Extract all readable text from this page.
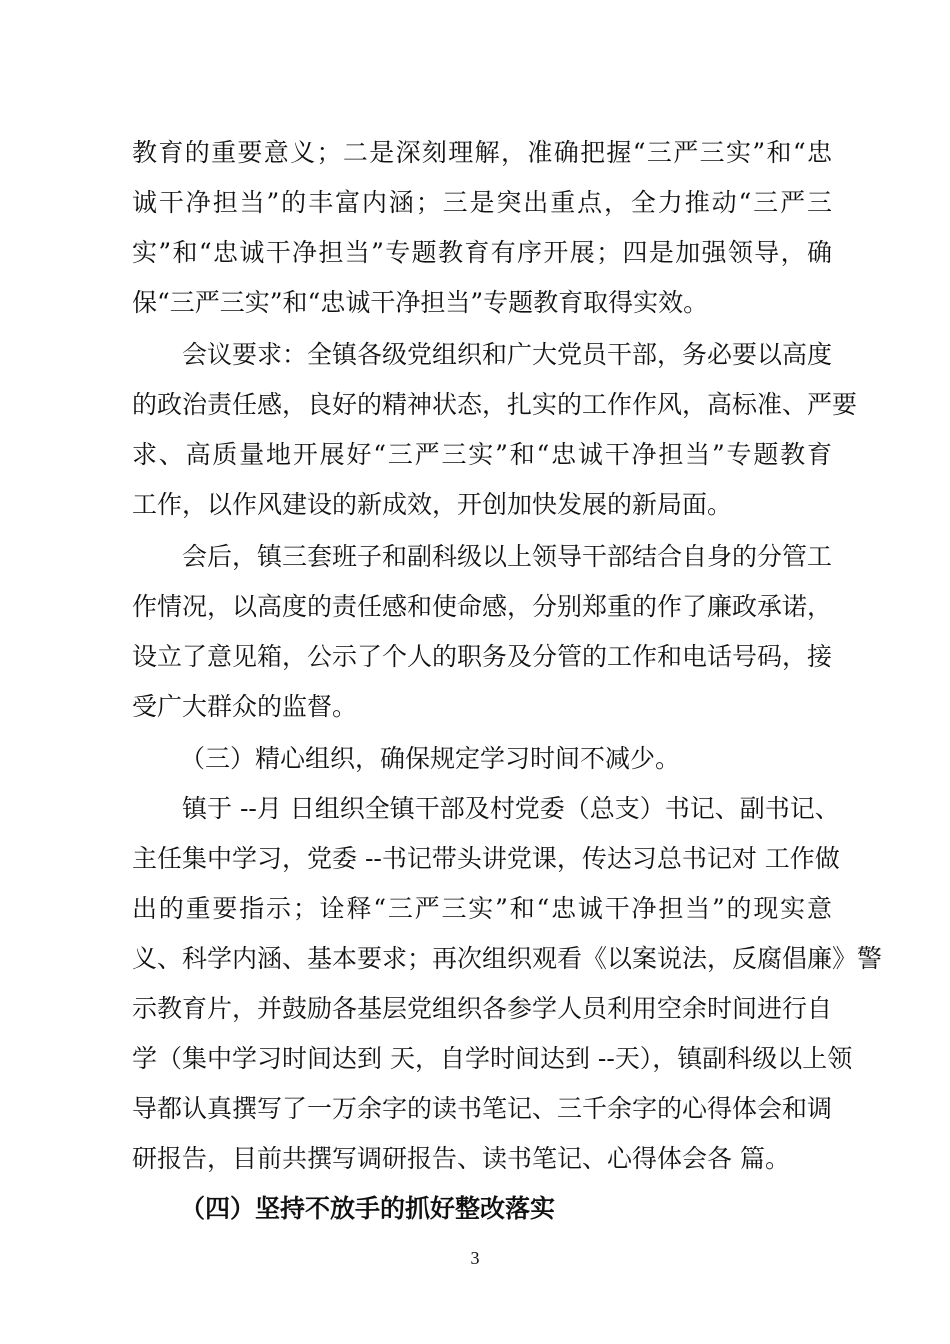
教育的重要意义；二是深刻理解，准确把握“三严三实”和“忠
诚干净担当”的丰富内涵；三是突出重点，全力推动“三严三
实”和“忠诚干净担当”专题教育有序开展；四是加强领导，确
保“三严三实”和“忠诚干净担当”专题教育取得实效。
会议要求：全镇各级党组织和广大党员干部，务必要以高度
的政治责任感，良好的精神状态，扎实的工作作风，高标准、严要
求、高质量地开展好“三严三实”和“忠诚干净担当”专题教育
工作，以作风建设的新成效，开创加快发展的新局面。
会后，镇三套班子和副科级以上领导干部结合自身的分管工
作情况，以高度的责任感和使命感，分别郑重的作了廉政承诺，
设立了意见箱，公示了个人的职务及分管的工作和电话号码，接
受广大群众的监督。
（三）精心组织，确保规定学习时间不减少。
镇于 --月 日组织全镇干部及村党委（总支）书记、副书记、
主任集中学习，党委 --书记带头讲党课，传达习总书记对 工作做
出的重要指示；诠释“三严三实”和“忠诚干净担当”的现实意
义、科学内涵、基本要求；再次组织观看《以案说法，反腐倡廉》警
示教育片，并鼓励各基层党组织各参学人员利用空余时间进行自
学（集中学习时间达到 天，自学时间达到 --天），镇副科级以上领
导都认真撰写了一万余字的读书笔记、三千余字的心得体会和调
研报告，目前共撰写调研报告、读书笔记、心得体会各 篇。
（四）坚持不放手的抓好整改落实
3
